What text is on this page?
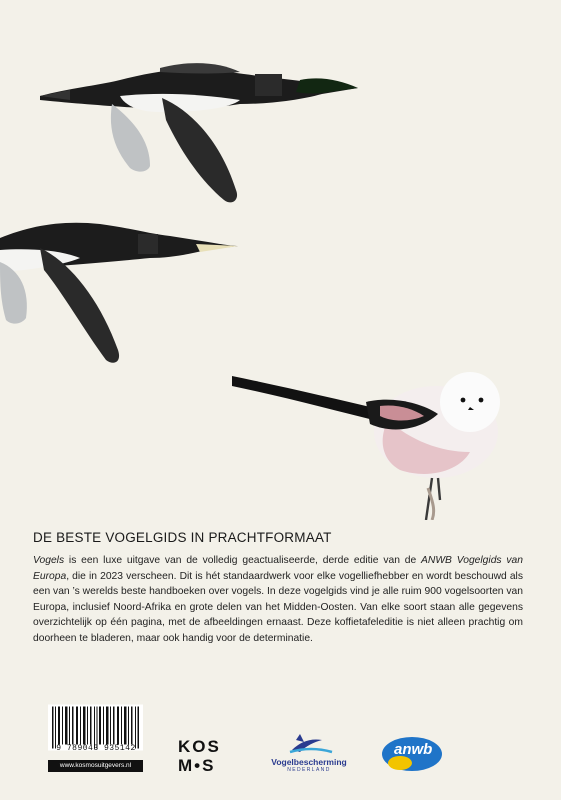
DE BESTE VOGELGIDS IN PRACHTFORMAAT
Vogels is een luxe uitgave van de volledig geactualiseerde, derde editie van de ANWB Vogelgids van Europa, die in 2023 verscheen. Dit is hét standaardwerk voor elke vogelliefhebber en wordt beschouwd als een van ’s werelds beste handboeken over vogels. In deze vogelgids vind je alle ruim 900 vogelsoorten van Europa, inclusief Noord-Afrika en grote delen van het Midden-Oosten. Van elke soort staan alle gegevens overzichtelijk op één pagina, met de afbeeldingen ernaast. Deze koffietafeleditie is niet alleen prachtig om doorheen te bladeren, maar ook handig voor de determinatie.
9 789043 935142
www.kosmosuitgevers.nl
KOS
M•S	Vogelbescherming
NEDERLAND
anwb
